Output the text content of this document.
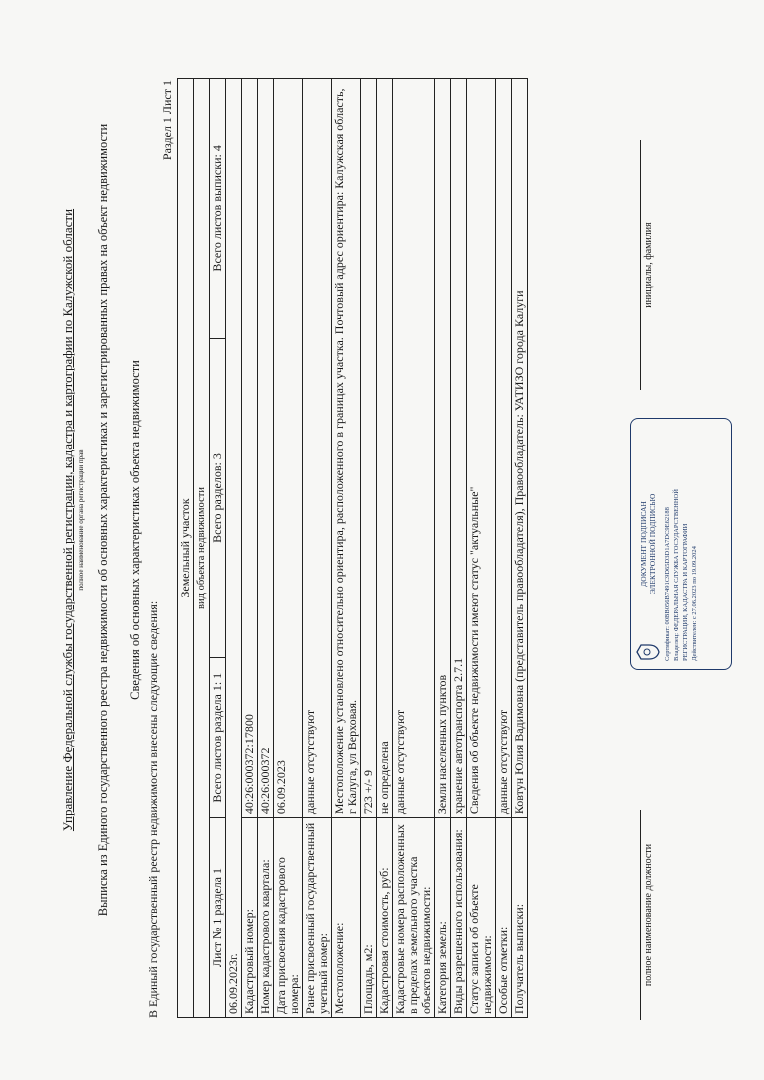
Управление Федеральной службы государственной регистрации, кадастра и картографии по Калужской области полное наименование органа регистрации прав Выписка из Единого государственного реестра недвижимости об основных характеристиках и зарегистрированных правах на объект недвижимости Сведения об основных характеристиках объекта недвижимости
Раздел 1 Лист 1
В Единый государственный реестр недвижимости внесены следующие сведения:
Земельный участок			
вид объекта недвижимости			
Лист № 1 раздела 1	Всего листов раздела 1: 1	Всего разделов: 3	Всего листов выписки: 4
06.09.2023г.			
Кадастровый номер:	40:26:000372:17800		
Номер кадастрового квартала:	40:26:000372		
Дата присвоения кадастрового номера:	06.09.2023		
Ранее присвоенный государственный учетный номер:	данные отсутствуют		
Местоположение:	Местоположение установлено относительно ориентира, расположенного в границах участка. Почтовый адрес ориентира: Калужская область, г Калуга, ул Верховая.		
Площадь, м2:	723 +/- 9		
Кадастровая стоимость, руб:	не определена		
Кадастровые номера расположенных в пределах земельного участка объектов недвижимости:	данные отсутствуют		
Категория земель:	Земли населенных пунктов		
Виды разрешенного использования:	хранение автотранспорта 2.7.1		
Статус записи об объекте недвижимости:	Сведения об объекте недвижимости имеют статус "актуальные"		
Особые отметки:	данные отсутствуют		
Получатель выписки:	Ковтун Юлия Вадимовна (представитель правообладателя), Правообладатель: УАТИЗО города Калуги		
полное наименование должности
инициалы, фамилия
ДОКУМЕНТ ПОДПИСАН ЭЛЕКТРОННОЙ ПОДПИСЬЮ Сертификат: 00BB056B7491C9D65D3D1A7DC9E62188 Владелец: ФЕДЕРАЛЬНАЯ СЛУЖБА ГОСУДАРСТВЕННОЙ РЕГИСТРАЦИИ, КАДАСТРА И КАРТОГРАФИИ Действителен: с 27.06.2023 по 19.09.2024
